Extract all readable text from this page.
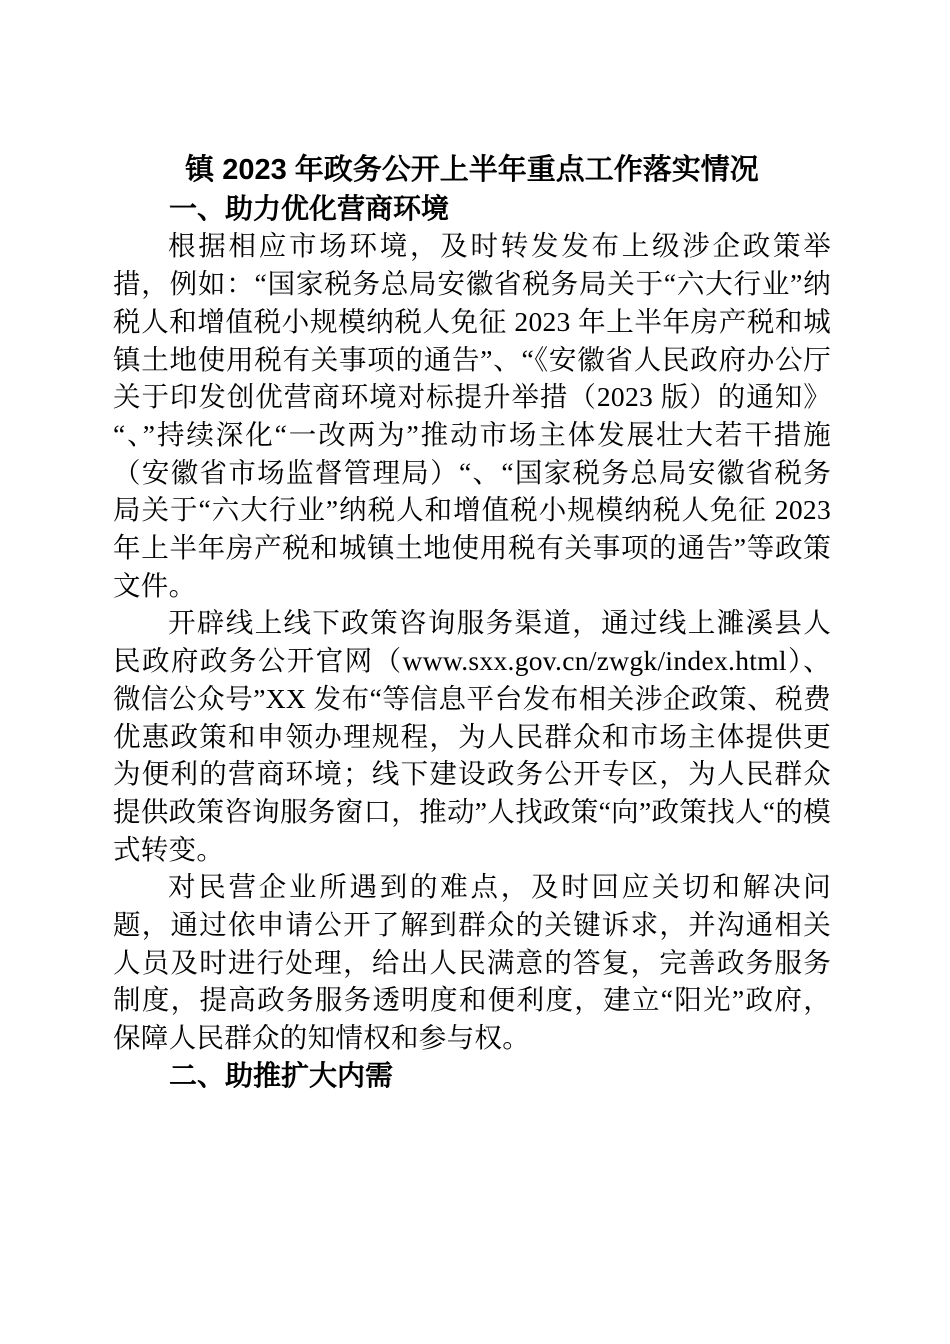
镇 2023 年政务公开上半年重点工作落实情况
一、助力优化营商环境

根据相应市场环境，及时转发发布上级涉企政策举措，例如：“国家税务总局安徽省税务局关于“六大行业”纳税人和增值税小规模纳税人免征 2023 年上半年房产税和城镇土地使用税有关事项的通告”、“《安徽省人民政府办公厅关于印发创优营商环境对标提升举措（2023 版）的通知》“、”持续深化“一改两为”推动市场主体发展壮大若干措施（安徽省市场监督管理局）“、“国家税务总局安徽省税务局关于“六大行业”纳税人和增值税小规模纳税人免征 2023 年上半年房产税和城镇土地使用税有关事项的通告”等政策文件。

开辟线上线下政策咨询服务渠道，通过线上濉溪县人民政府政务公开官网（www.sxx.gov.cn/zwgk/index.html）、微信公众号”XX 发布“等信息平台发布相关涉企政策、税费优惠政策和申领办理规程，为人民群众和市场主体提供更为便利的营商环境；线下建设政务公开专区，为人民群众提供政策咨询服务窗口，推动”人找政策“向”政策找人“的模式转变。

对民营企业所遇到的难点，及时回应关切和解决问题，通过依申请公开了解到群众的关键诉求，并沟通相关人员及时进行处理，给出人民满意的答复，完善政务服务制度，提高政务服务透明度和便利度，建立“阳光”政府，保障人民群众的知情权和参与权。

二、助推扩大内需
